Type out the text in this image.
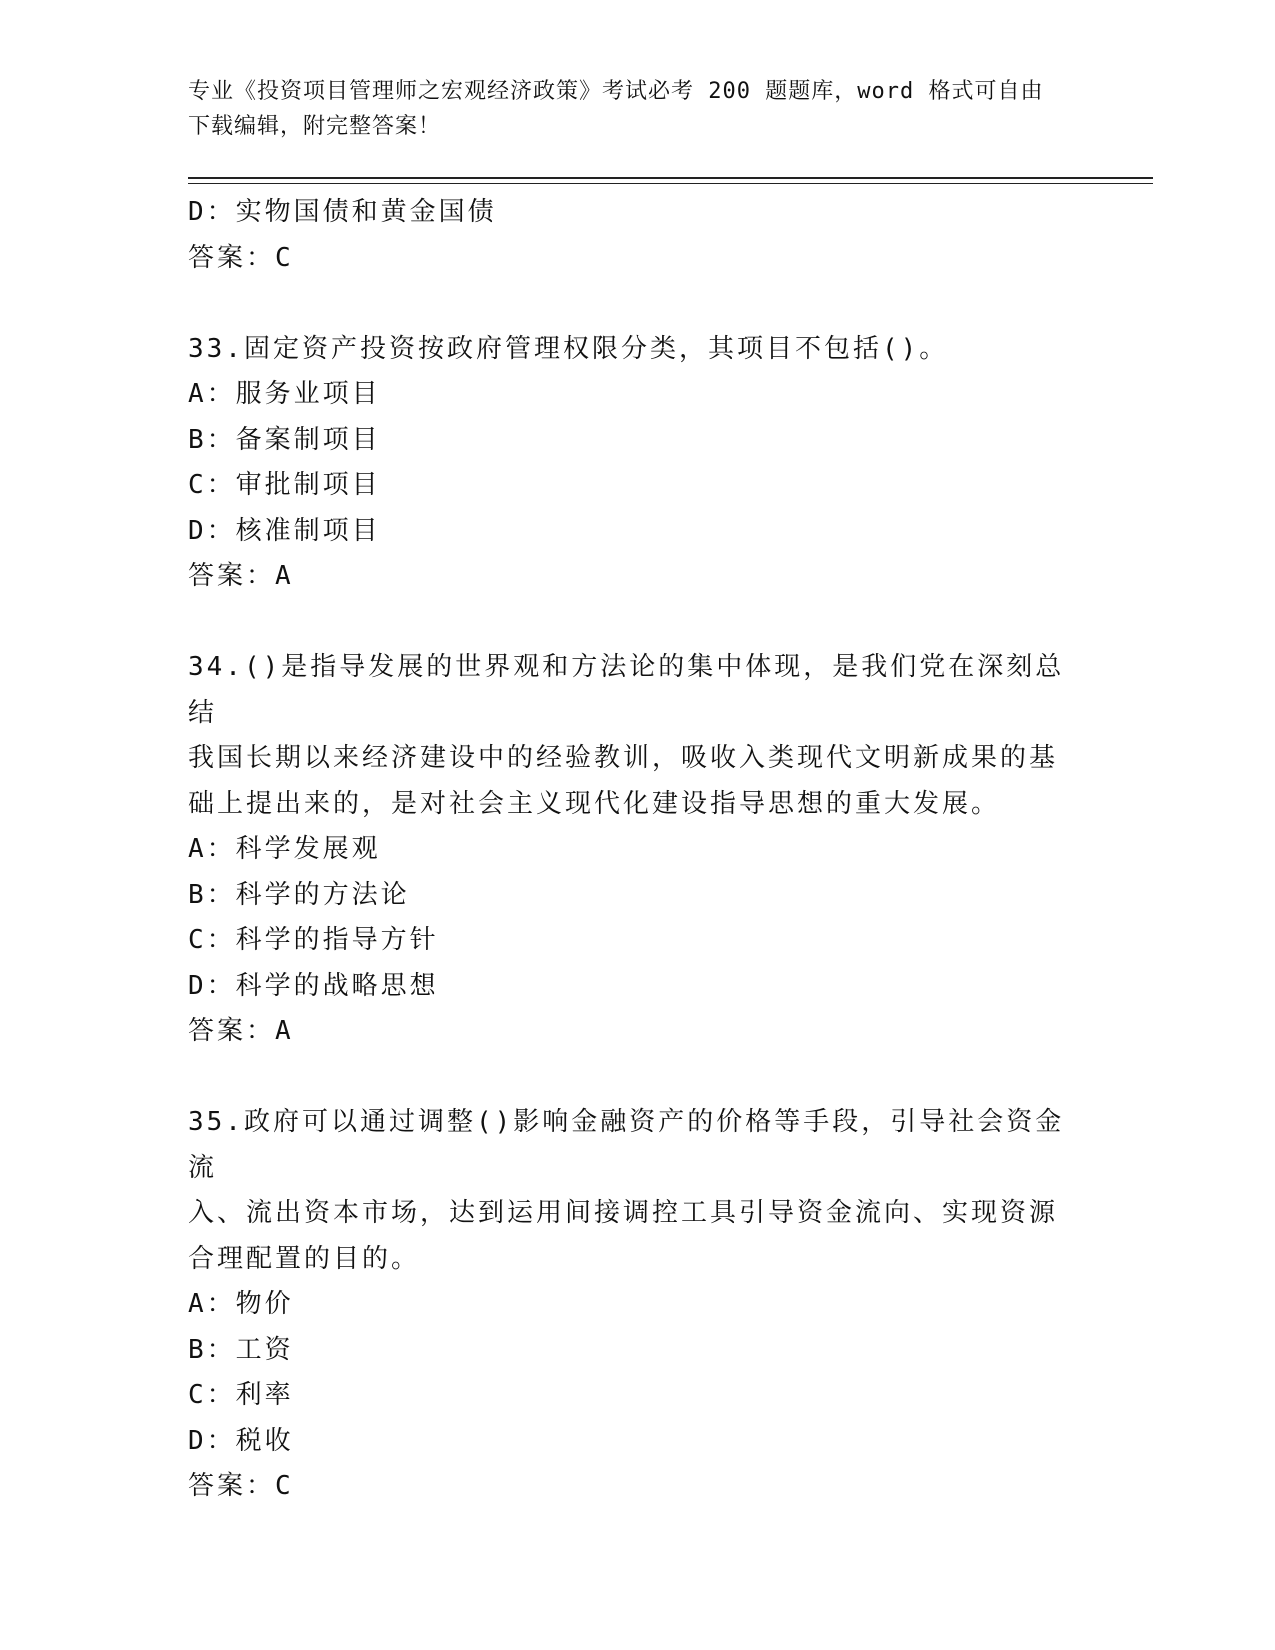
专业《投资项目管理师之宏观经济政策》考试必考 200 题题库，word 格式可自由
下载编辑，附完整答案！
D：实物国债和黄金国债
答案：C
33.固定资产投资按政府管理权限分类，其项目不包括()。
A：服务业项目
B：备案制项目
C：审批制项目
D：核准制项目
答案：A
34.()是指导发展的世界观和方法论的集中体现，是我们党在深刻总结
我国长期以来经济建设中的经验教训，吸收入类现代文明新成果的基
础上提出来的，是对社会主义现代化建设指导思想的重大发展。
A：科学发展观
B：科学的方法论
C：科学的指导方针
D：科学的战略思想
答案：A
35.政府可以通过调整()影响金融资产的价格等手段，引导社会资金流
入、流出资本市场，达到运用间接调控工具引导资金流向、实现资源
合理配置的目的。
A：物价
B：工资
C：利率
D：税收
答案：C
